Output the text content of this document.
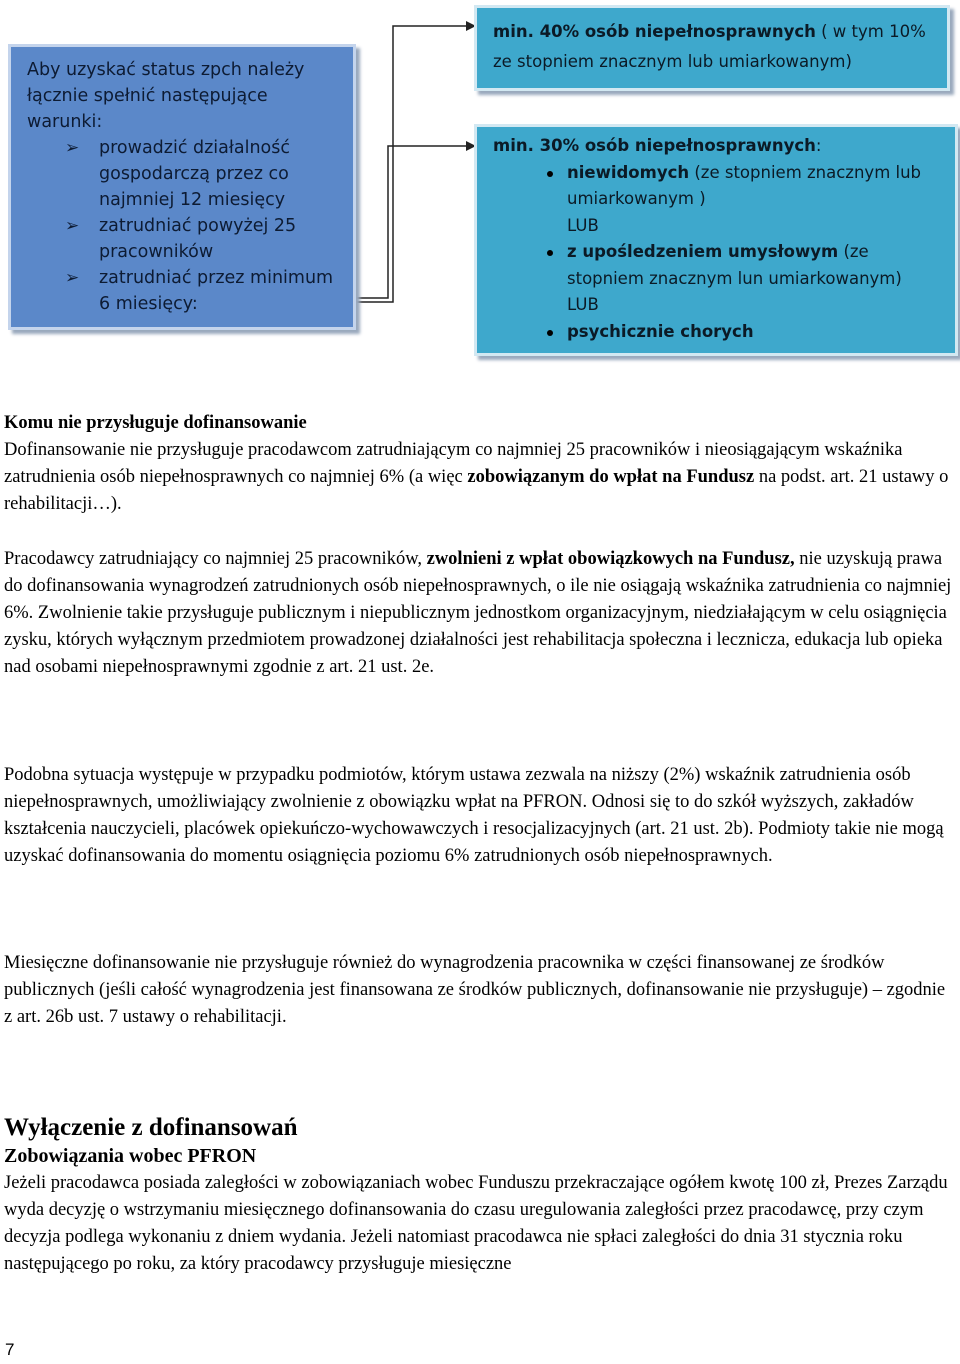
Aby uzyskać status zpch należy łącznie spełnić następujące warunki:
➢ prowadzić działalność gospodarczą przez co najmniej 12 miesięcy
➢ zatrudniać powyżej 25 pracowników
➢ zatrudniać przez minimum 6 miesięcy:
min. 40% osób niepełnosprawnych ( w tym 10% ze stopniem znacznym lub umiarkowanym)
min. 30% osób niepełnosprawnych:
niewidomych (ze stopniem znacznym lub umiarkowanym )
LUB
z upośledzeniem umysłowym (ze stopniem znacznym lun umiarkowanym)
LUB
psychicznie chorych

Komu nie przysługuje dofinansowanie

Dofinansowanie nie przysługuje pracodawcom zatrudniającym co najmniej 25 pracowników i nieosiągającym wskaźnika zatrudnienia osób niepełnosprawnych co najmniej 6% (a więc zobowiązanym do wpłat na Fundusz na podst. art. 21 ustawy o rehabilitacji…).

Pracodawcy zatrudniający co najmniej 25 pracowników, zwolnieni z wpłat obowiązkowych na Fundusz, nie uzyskują prawa do dofinansowania wynagrodzeń zatrudnionych osób niepełnosprawnych, o ile nie osiągają wskaźnika zatrudnienia co najmniej 6%. Zwolnienie takie przysługuje publicznym i niepublicznym jednostkom organizacyjnym, niedziałającym w celu osiągnięcia zysku, których wyłącznym przedmiotem prowadzonej działalności jest rehabilitacja społeczna i lecznicza, edukacja lub opieka nad osobami niepełnosprawnymi zgodnie z art. 21 ust. 2e.

Podobna sytuacja występuje w przypadku podmiotów, którym ustawa zezwala na niższy (2%) wskaźnik zatrudnienia osób niepełnosprawnych, umożliwiający zwolnienie z obowiązku wpłat na PFRON. Odnosi się to do szkół wyższych, zakładów kształcenia nauczycieli, placówek opiekuńczo-wychowawczych i resocjalizacyjnych (art. 21 ust. 2b). Podmioty takie nie mogą uzyskać dofinansowania do momentu osiągnięcia poziomu 6% zatrudnionych osób niepełnosprawnych.

Miesięczne dofinansowanie nie przysługuje również do wynagrodzenia pracownika w części finansowanej ze środków publicznych (jeśli całość wynagrodzenia jest finansowana ze środków publicznych, dofinansowanie nie przysługuje) – zgodnie z art. 26b ust. 7 ustawy o rehabilitacji.

Wyłączenie z dofinansowań

Zobowiązania wobec PFRON

Jeżeli pracodawca posiada zaległości w zobowiązaniach wobec Funduszu przekraczające ogółem kwotę 100 zł, Prezes Zarządu wyda decyzję o wstrzymaniu miesięcznego dofinansowania do czasu uregulowania zaległości przez pracodawcę, przy czym decyzja podlega wykonaniu z dniem wydania. Jeżeli natomiast pracodawca nie spłaci zaległości do dnia 31 stycznia roku następującego po roku, za który pracodawcy przysługuje miesięczne

7
